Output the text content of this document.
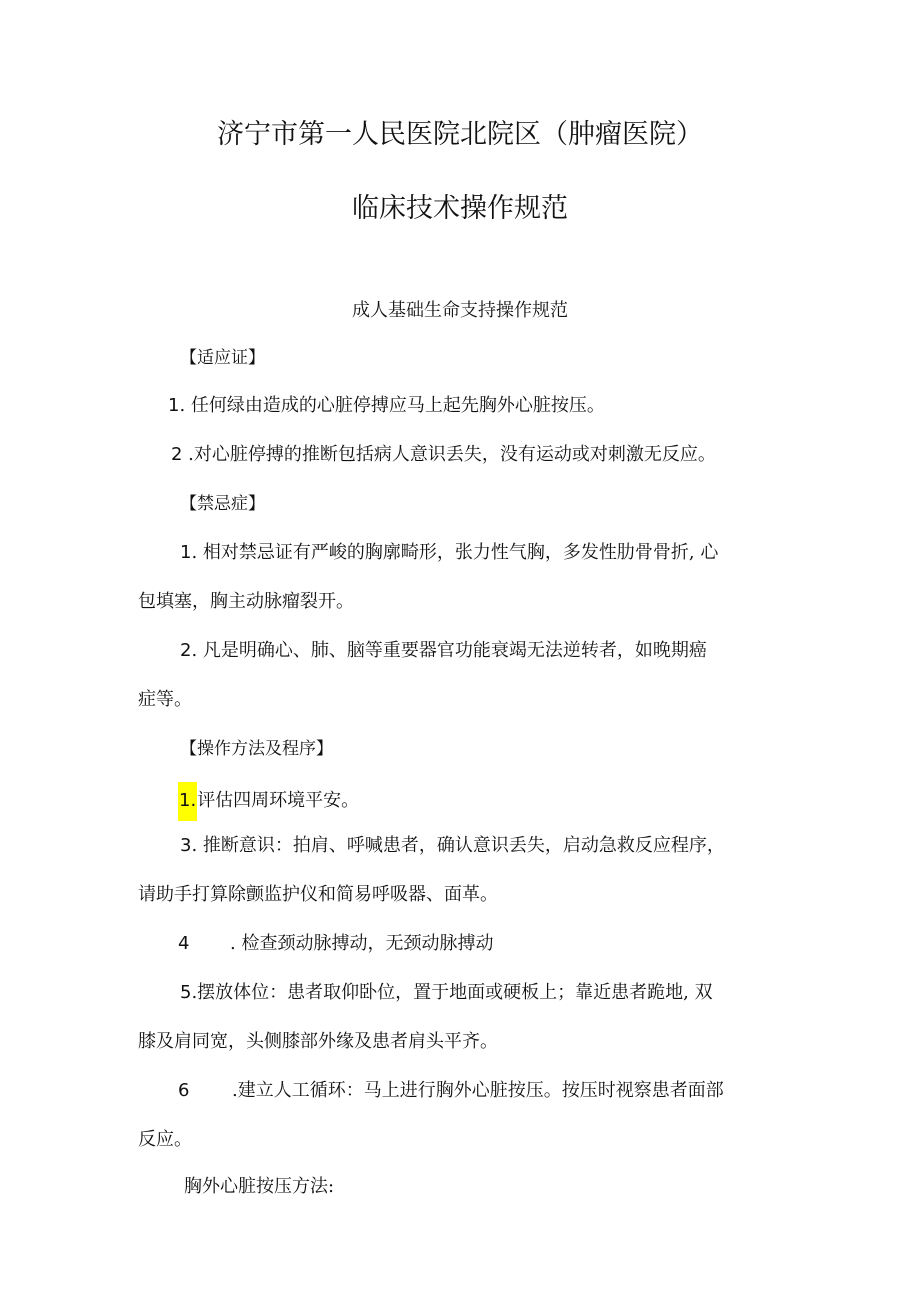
济宁市第一人民医院北院区（肿瘤医院）
临床技术操作规范
成人基础生命支持操作规范
【适应证】
1. 任何绿由造成的心脏停搏应马上起先胸外心脏按压。
2 .对心脏停搏的推断包括病人意识丢失，没有运动或对刺激无反应。
【禁忌症】
1. 相对禁忌证有严峻的胸廓畸形，张力性气胸，多发性肋骨骨折, 心
包填塞，胸主动脉瘤裂开。
2. 凡是明确心、肺、脑等重要器官功能衰竭无法逆转者，如晚期癌
症等。
【操作方法及程序】
1.评估四周环境平安。
3. 推断意识：拍肩、呼喊患者，确认意识丢失，启动急救反应程序，
请助手打算除颤监护仪和简易呼吸器、面革。
4 . 检查颈动脉搏动，无颈动脉搏动
5.摆放体位：患者取仰卧位，置于地面或硬板上；靠近患者跪地, 双
膝及肩同宽，头侧膝部外缘及患者肩头平齐。
6 .建立人工循环：马上进行胸外心脏按压。按压时视察患者面部
反应。
胸外心脏按压方法:
